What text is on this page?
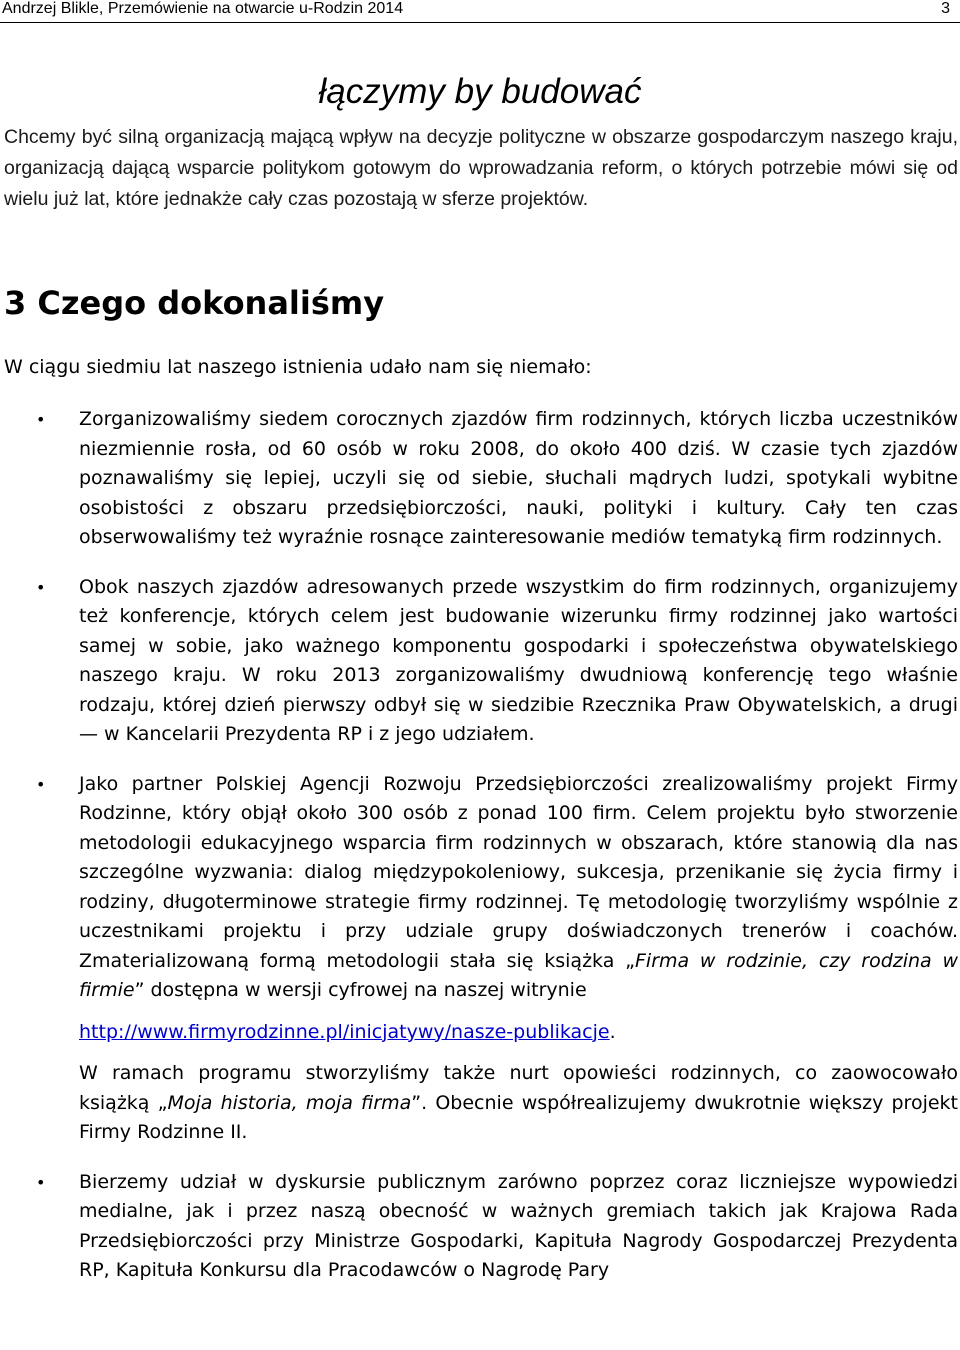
Andrzej Blikle, Przemówienie na otwarcie u-Rodzin 2014	3
łączymy by budować

Chcemy być silną organizacją mającą wpływ na decyzje polityczne w obszarze gospodarczym naszego kraju, organizacją dającą wsparcie politykom gotowym do wprowadzania reform, o których potrzebie mówi się od wielu już lat, które jednakże cały czas pozostają w sferze projektów.

3 Czego dokonaliśmy

W ciągu siedmiu lat naszego istnienia udało nam się niemało:

• Zorganizowaliśmy siedem corocznych zjazdów firm rodzinnych, których liczba uczestników niezmiennie rosła, od 60 osób w roku 2008, do około 400 dziś. W czasie tych zjazdów poznawaliśmy się lepiej, uczyli się od siebie, słuchali mądrych ludzi, spotykali wybitne osobistości z obszaru przedsiębiorczości, nauki, polityki i kultury. Cały ten czas obserwowaliśmy też wyraźnie rosnące zainteresowanie mediów tematyką firm rodzinnych.

• Obok naszych zjazdów adresowanych przede wszystkim do firm rodzinnych, organizujemy też konferencje, których celem jest budowanie wizerunku firmy rodzinnej jako wartości samej w sobie, jako ważnego komponentu gospodarki i społeczeństwa obywatelskiego naszego kraju. W roku 2013 zorganizowaliśmy dwudniową konferencję tego właśnie rodzaju, której dzień pierwszy odbył się w siedzibie Rzecznika Praw Obywatelskich, a drugi — w Kancelarii Prezydenta RP i z jego udziałem.

• Jako partner Polskiej Agencji Rozwoju Przedsiębiorczości zrealizowaliśmy projekt Firmy Rodzinne, który objął około 300 osób z ponad 100 firm. Celem projektu było stworzenie metodologii edukacyjnego wsparcia firm rodzinnych w obszarach, które stanowią dla nas szczególne wyzwania: dialog międzypokoleniowy, sukcesja, przenikanie się życia firmy i rodziny, długoterminowe strategie firmy rodzinnej. Tę metodologię tworzyliśmy wspólnie z uczestnikami projektu i przy udziale grupy doświadczonych trenerów i coachów. Zmaterializowaną formą metodologii stała się książka „Firma w rodzinie, czy rodzina w firmie” dostępna w wersji cyfrowej na naszej witrynie

http://www.firmyrodzinne.pl/inicjatywy/nasze-publikacje.

W ramach programu stworzyliśmy także nurt opowieści rodzinnych, co zaowocowało książką „Moja historia, moja firma”. Obecnie współrealizujemy dwukrotnie większy projekt Firmy Rodzinne II.

• Bierzemy udział w dyskursie publicznym zarówno poprzez coraz liczniejsze wypowiedzi medialne, jak i przez naszą obecność w ważnych gremiach takich jak Krajowa Rada Przedsiębiorczości przy Ministrze Gospodarki, Kapituła Nagrody Gospodarczej Prezydenta RP, Kapituła Konkursu dla Pracodawców o Nagrodę Pary
